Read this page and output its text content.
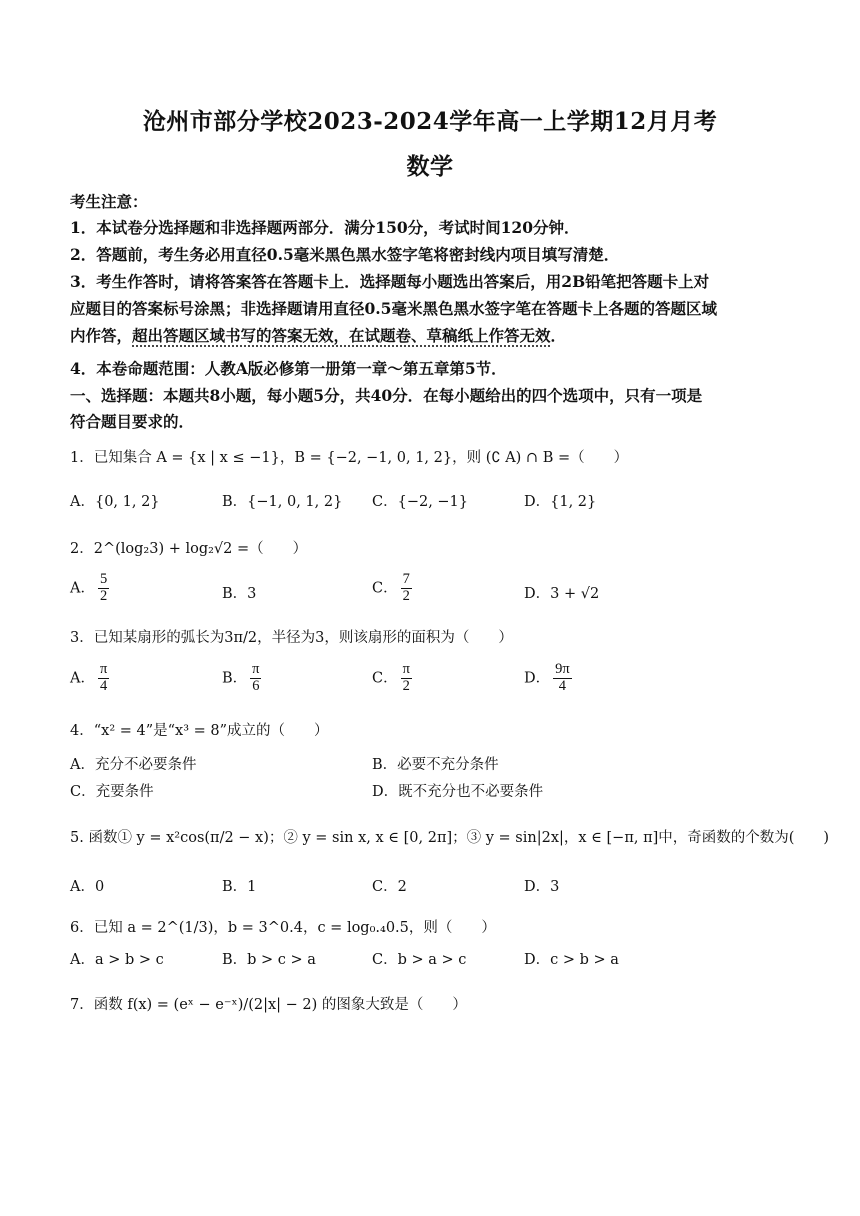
沧州市部分学校2023-2024学年高一上学期12月月考
数学
考生注意：
1．本试卷分选择题和非选择题两部分．满分150分，考试时间120分钟．
2．答题前，考生务必用直径0.5毫米黑色黑水签字笔将密封线内项目填写清楚．
3．考生作答时，请将答案答在答题卡上．选择题每小题选出答案后，用2B铅笔把答题卡上对
应题目的答案标号涂黑；非选择题请用直径0.5毫米黑色黑水签字笔在答题卡上各题的答题区域
内作答，超出答题区域书写的答案无效，在试题卷、草稿纸上作答无效．
4．本卷命题范围：人教A版必修第一册第一章～第五章第5节．
一、选择题：本题共8小题，每小题5分，共40分．在每小题给出的四个选项中，只有一项是
符合题目要求的．
1．已知集合 A = {x | x ≤ −1}，B = {−2, −1, 0, 1, 2}，则 (∁ A) ∩ B =（　　）
A．{0, 1, 2}	B．{−1, 0, 1, 2} C．{−2, −1}	D．{1, 2}
2．2^(log₂3) + log₂√2 =（　　）
A． $\frac{5}{2}$	B．3	C． $\frac{7}{2}$	D．3 + √2
3．已知某扇形的弧长为3π/2，半径为3，则该扇形的面积为（　　）
A． $\frac{\pi}{4}$	B． $\frac{\pi}{6}$	C． $\frac{\pi}{2}$	D． $\frac{9\pi}{4}$
4．“x² = 4”是“x³ = 8”成立的（　　）
A．充分不必要条件	B．必要不充分条件
C．充要条件	D．既不充分也不必要条件
5. 函数① y = x²cos(π/2 − x)；② y = sin x, x ∈ [0, 2π]；③ y = sin|2x|，x ∈ [−π, π]中，奇函数的个数为(　　)
A．0	B．1	C．2	D．3
6．已知 a = 2^(1/3)，b = 3^0.4，c = log₀.₄0.5，则（　　）
A．a > b > c	B．b > c > a	C．b > a > c	D．c > b > a
7．函数 f(x) = (eˣ − e⁻ˣ)/(2|x| − 2) 的图象大致是（　　）
